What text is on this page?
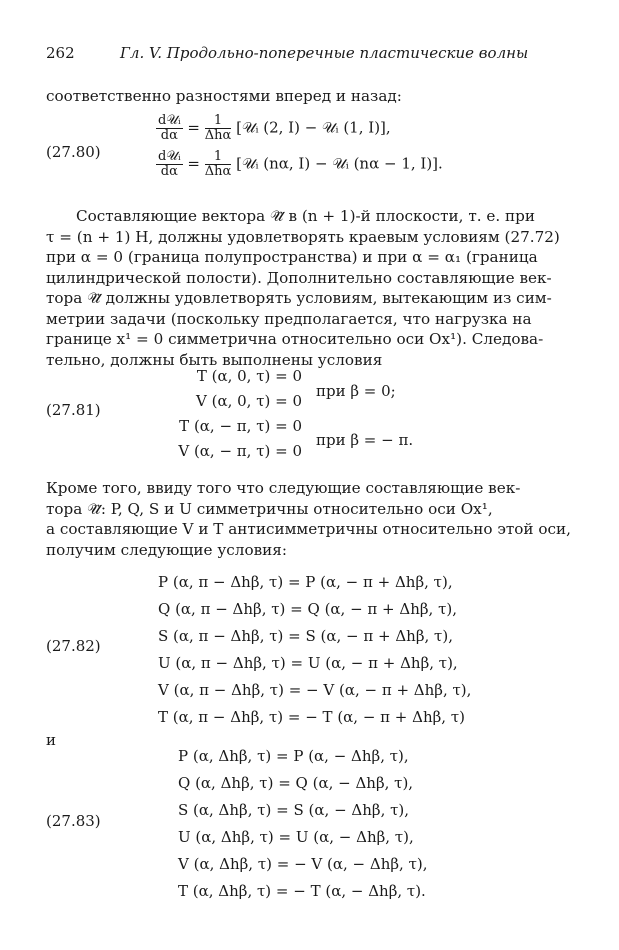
262	Гл. V. Продольно-поперечные пластические волны
соответственно разностями вперед и назад:
(27.80)
$\frac{\text{d𝒰ᵢ}}{d\alpha} = \frac{1}{\text{Δhα}}$ [𝒰ᵢ (2, I) − 𝒰ᵢ (1, I)],
$\frac{\text{d𝒰ᵢ}}{d\alpha} = \frac{1}{\text{Δhα}}$ [𝒰ᵢ (nα, I) − 𝒰ᵢ (nα − 1, I)].
Составляющие вектора 𝒰⃗ в (n + 1)-й плоскости, т. е. при
τ = (n + 1) H, должны удовлетворять краевым условиям (27.72)
при α = 0 (граница полупространства) и при α = α₁ (граница
цилиндрической полости). Дополнительно составляющие век-
тора 𝒰⃗ должны удовлетворять условиям, вытекающим из сим-
метрии задачи (поскольку предполагается, что нагрузка на
границе x¹ = 0 симметрична относительно оси Ox¹). Следова-
тельно, должны быть выполнены условия
(27.81)
T (α, 0, τ) = 0
V (α, 0, τ) = 0
T (α, − π, τ) = 0
V (α, − π, τ) = 0
при β = 0;
при β = − π.
Кроме того, ввиду того что следующие составляющие век-
тора 𝒰⃗: P, Q, S и U симметричны относительно оси Ox¹,
а составляющие V и T антисимметричны относительно этой оси,
получим следующие условия:
(27.82)
P (α, π − Δhβ, τ) = P (α, − π + Δhβ, τ),
Q (α, π − Δhβ, τ) = Q (α, − π + Δhβ, τ),
S (α, π − Δhβ, τ) = S (α, − π + Δhβ, τ),
U (α, π − Δhβ, τ) = U (α, − π + Δhβ, τ),
V (α, π − Δhβ, τ) = − V (α, − π + Δhβ, τ),
T (α, π − Δhβ, τ) = − T (α, − π + Δhβ, τ)
и
(27.83)
P (α, Δhβ, τ) = P (α, − Δhβ, τ),
Q (α, Δhβ, τ) = Q (α, − Δhβ, τ),
S (α, Δhβ, τ) = S (α, − Δhβ, τ),
U (α, Δhβ, τ) = U (α, − Δhβ, τ),
V (α, Δhβ, τ) = − V (α, − Δhβ, τ),
T (α, Δhβ, τ) = − T (α, − Δhβ, τ).
